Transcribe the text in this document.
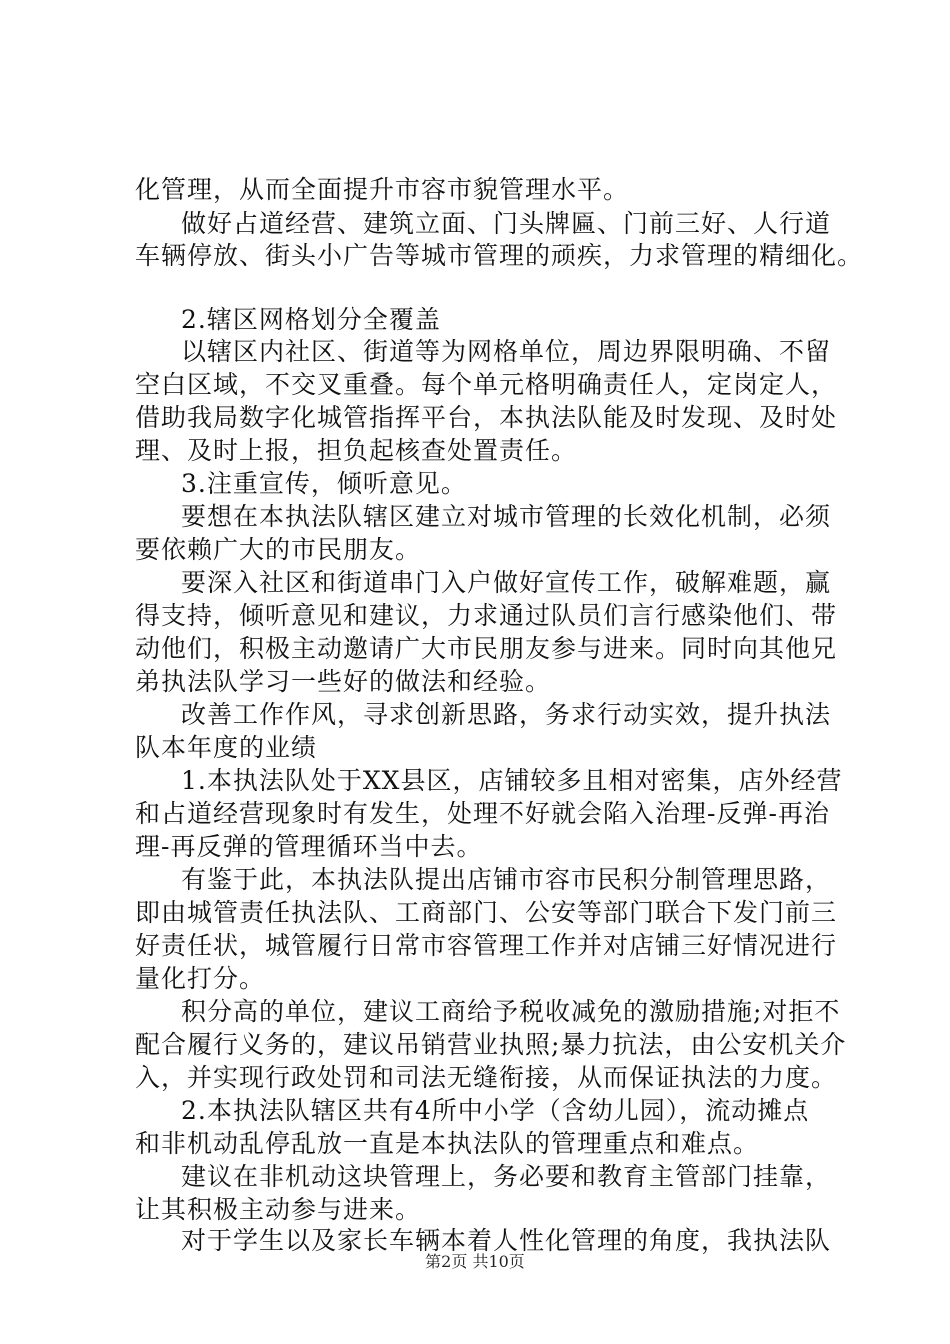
化管理，从而全面提升市容市貌管理水平。
做好占道经营、建筑立面、门头牌匾、门前三好、人行道
车辆停放、街头小广告等城市管理的顽疾，力求管理的精细化。
2.辖区网格划分全覆盖
以辖区内社区、街道等为网格单位，周边界限明确、不留
空白区域，不交叉重叠。每个单元格明确责任人，定岗定人，
借助我局数字化城管指挥平台，本执法队能及时发现、及时处
理、及时上报，担负起核查处置责任。
3.注重宣传，倾听意见。
要想在本执法队辖区建立对城市管理的长效化机制，必须
要依赖广大的市民朋友。
要深入社区和街道串门入户做好宣传工作，破解难题，赢
得支持，倾听意见和建议，力求通过队员们言行感染他们、带
动他们，积极主动邀请广大市民朋友参与进来。同时向其他兄
弟执法队学习一些好的做法和经验。
改善工作作风，寻求创新思路，务求行动实效，提升执法
队本年度的业绩
1.本执法队处于XX县区，店铺较多且相对密集，店外经营
和占道经营现象时有发生，处理不好就会陷入治理-反弹-再治
理-再反弹的管理循环当中去。
有鉴于此，本执法队提出店铺市容市民积分制管理思路，
即由城管责任执法队、工商部门、公安等部门联合下发门前三
好责任状，城管履行日常市容管理工作并对店铺三好情况进行
量化打分。
积分高的单位，建议工商给予税收减免的激励措施;对拒不
配合履行义务的，建议吊销营业执照;暴力抗法，由公安机关介
入，并实现行政处罚和司法无缝衔接，从而保证执法的力度。
2.本执法队辖区共有4所中小学（含幼儿园），流动摊点
和非机动乱停乱放一直是本执法队的管理重点和难点。
建议在非机动这块管理上，务必要和教育主管部门挂靠，
让其积极主动参与进来。
对于学生以及家长车辆本着人性化管理的角度，我执法队
第2页 共10页
